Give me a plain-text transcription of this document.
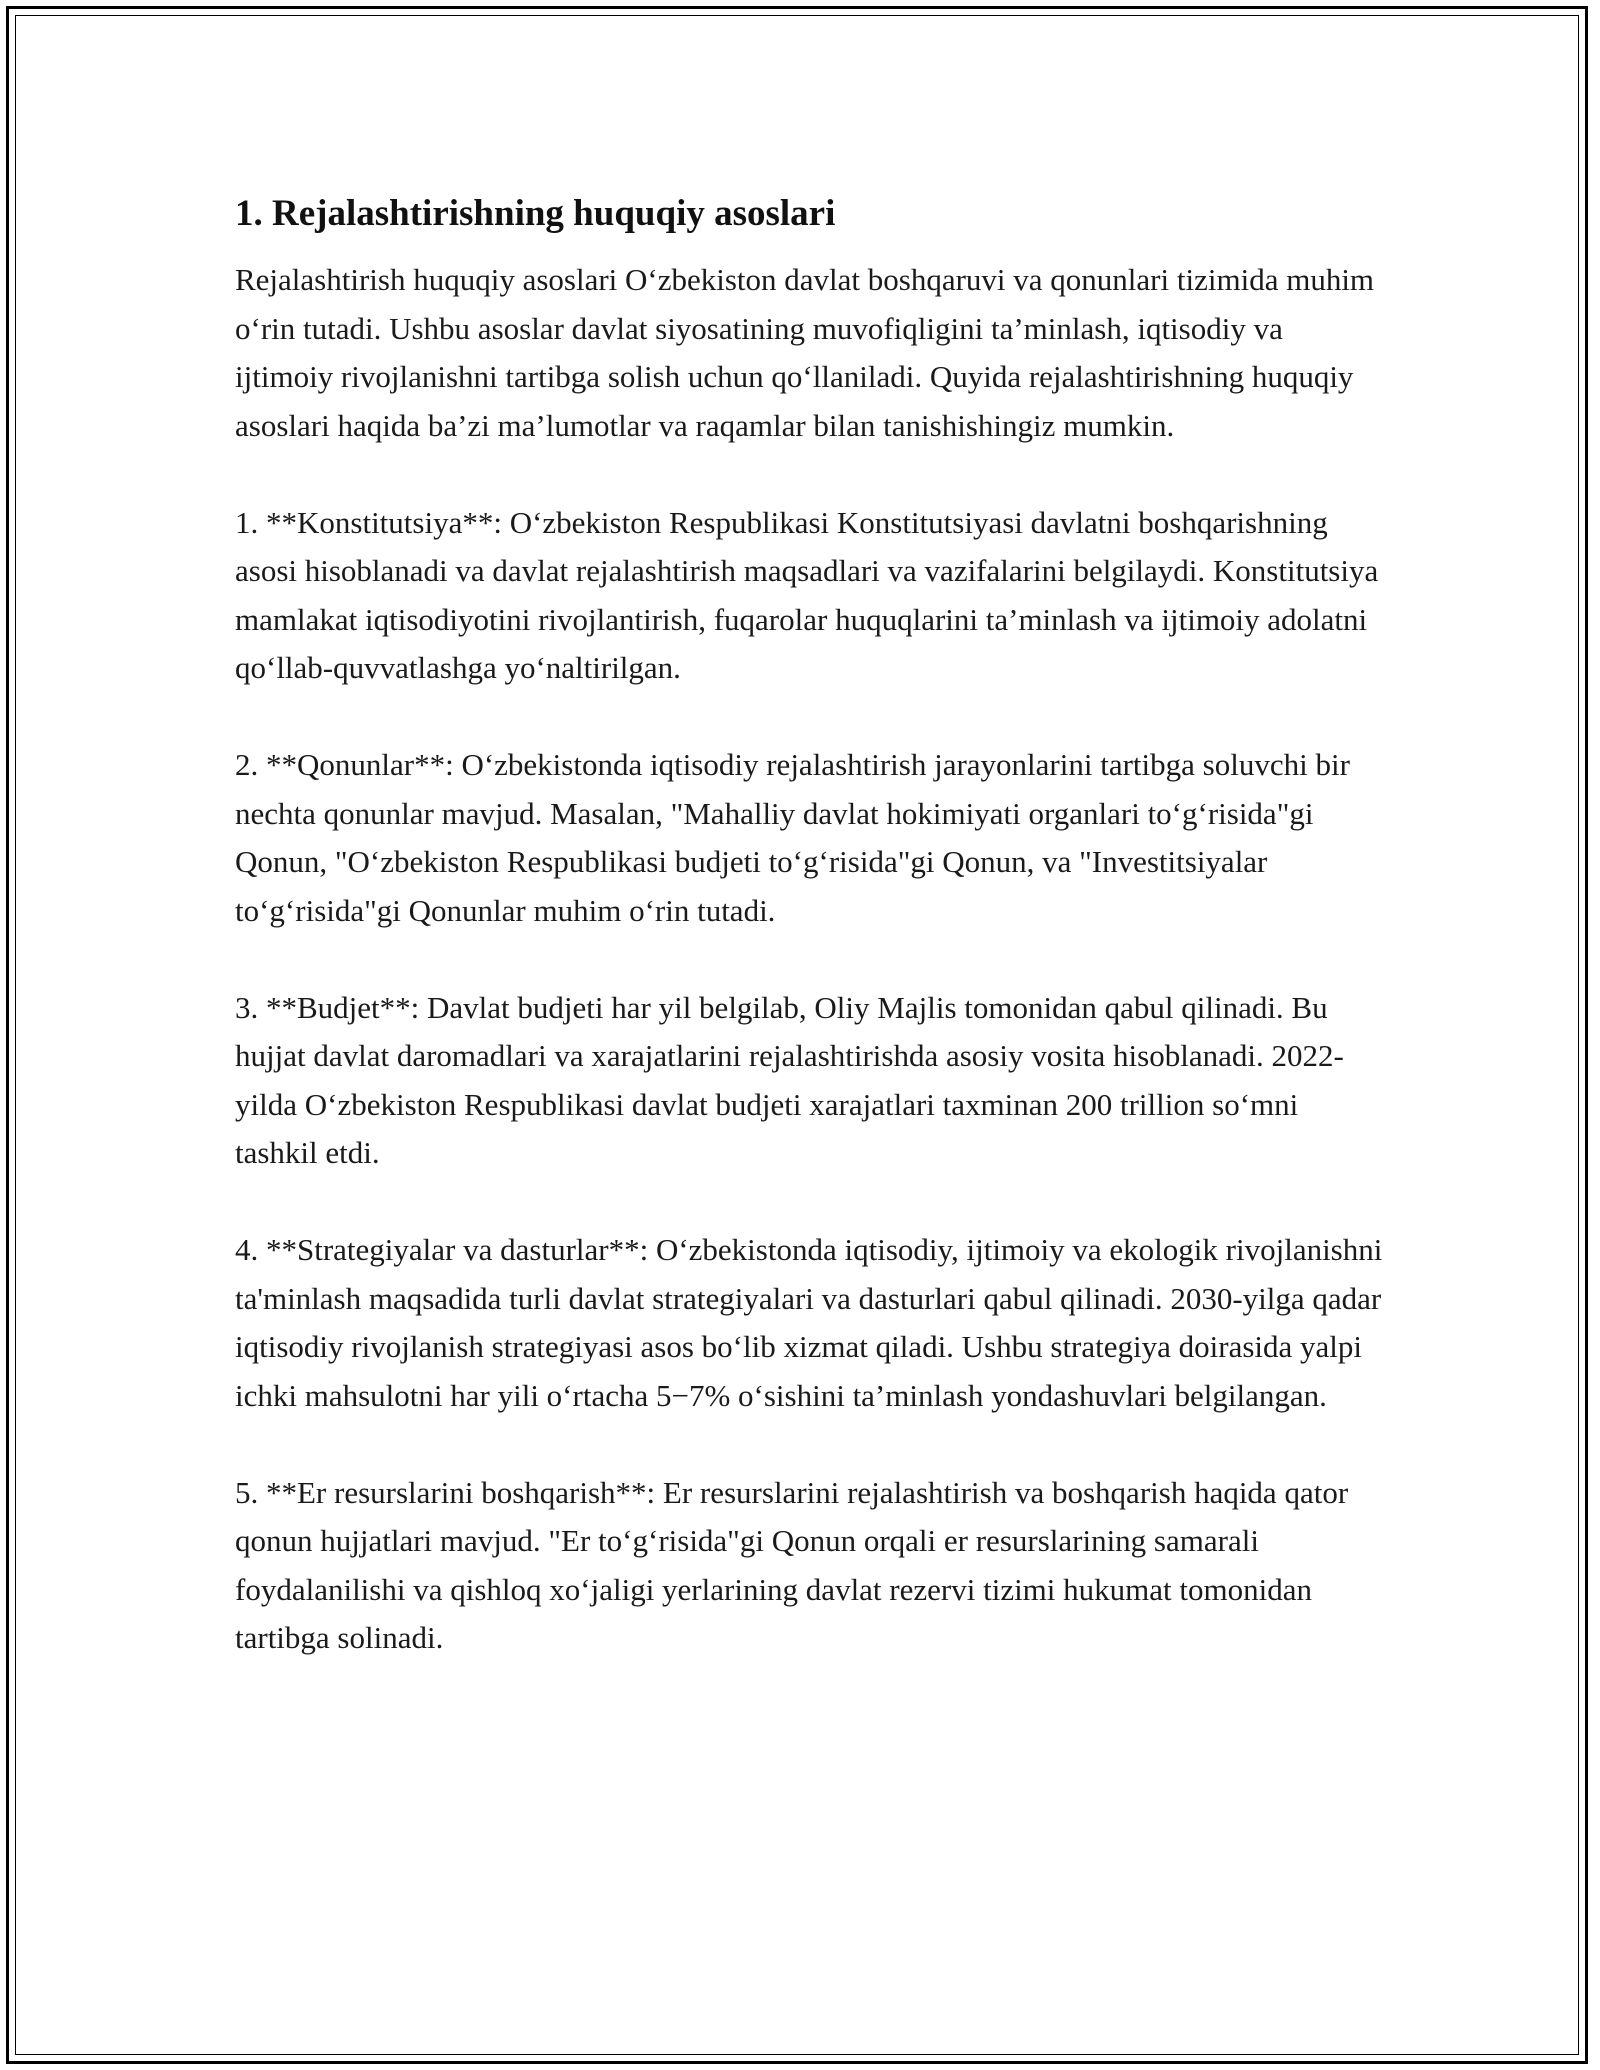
1. Rejalashtirishning huquqiy asoslari

Rejalashtirish huquqiy asoslari O‘zbekiston davlat boshqaruvi va qonunlari tizimida muhim o‘rin tutadi. Ushbu asoslar davlat siyosatining muvofiqligini ta’minlash, iqtisodiy va ijtimoiy rivojlanishni tartibga solish uchun qo‘llaniladi. Quyida rejalashtirishning huquqiy asoslari haqida ba’zi ma’lumotlar va raqamlar bilan tanishishingiz mumkin.

1. **Konstitutsiya**: O‘zbekiston Respublikasi Konstitutsiyasi davlatni boshqarishning asosi hisoblanadi va davlat rejalashtirish maqsadlari va vazifalarini belgilaydi. Konstitutsiya mamlakat iqtisodiyotini rivojlantirish, fuqarolar huquqlarini ta’minlash va ijtimoiy adolatni qo‘llab-quvvatlashga yo‘naltirilgan.

2. **Qonunlar**: O‘zbekistonda iqtisodiy rejalashtirish jarayonlarini tartibga soluvchi bir nechta qonunlar mavjud. Masalan, "Mahalliy davlat hokimiyati organlari to‘g‘risida"gi Qonun, "O‘zbekiston Respublikasi budjeti to‘g‘risida"gi Qonun, va "Investitsiyalar to‘g‘risida"gi Qonunlar muhim o‘rin tutadi.

3. **Budjet**: Davlat budjeti har yil belgilab, Oliy Majlis tomonidan qabul qilinadi. Bu hujjat davlat daromadlari va xarajatlarini rejalashtirishda asosiy vosita hisoblanadi. 2022-yilda O‘zbekiston Respublikasi davlat budjeti xarajatlari taxminan 200 trillion so‘mni tashkil etdi.

4. **Strategiyalar va dasturlar**: O‘zbekistonda iqtisodiy, ijtimoiy va ekologik rivojlanishni ta'minlash maqsadida turli davlat strategiyalari va dasturlari qabul qilinadi. 2030-yilga qadar iqtisodiy rivojlanish strategiyasi asos bo‘lib xizmat qiladi. Ushbu strategiya doirasida yalpi ichki mahsulotni har yili o‘rtacha 5−7% o‘sishini ta’minlash yondashuvlari belgilangan.

5. **Er resurslarini boshqarish**: Er resurslarini rejalashtirish va boshqarish haqida qator qonun hujjatlari mavjud. "Er to‘g‘risida"gi Qonun orqali er resurslarining samarali foydalanilishi va qishloq xo‘jaligi yerlarining davlat rezervi tizimi hukumat tomonidan tartibga solinadi.
